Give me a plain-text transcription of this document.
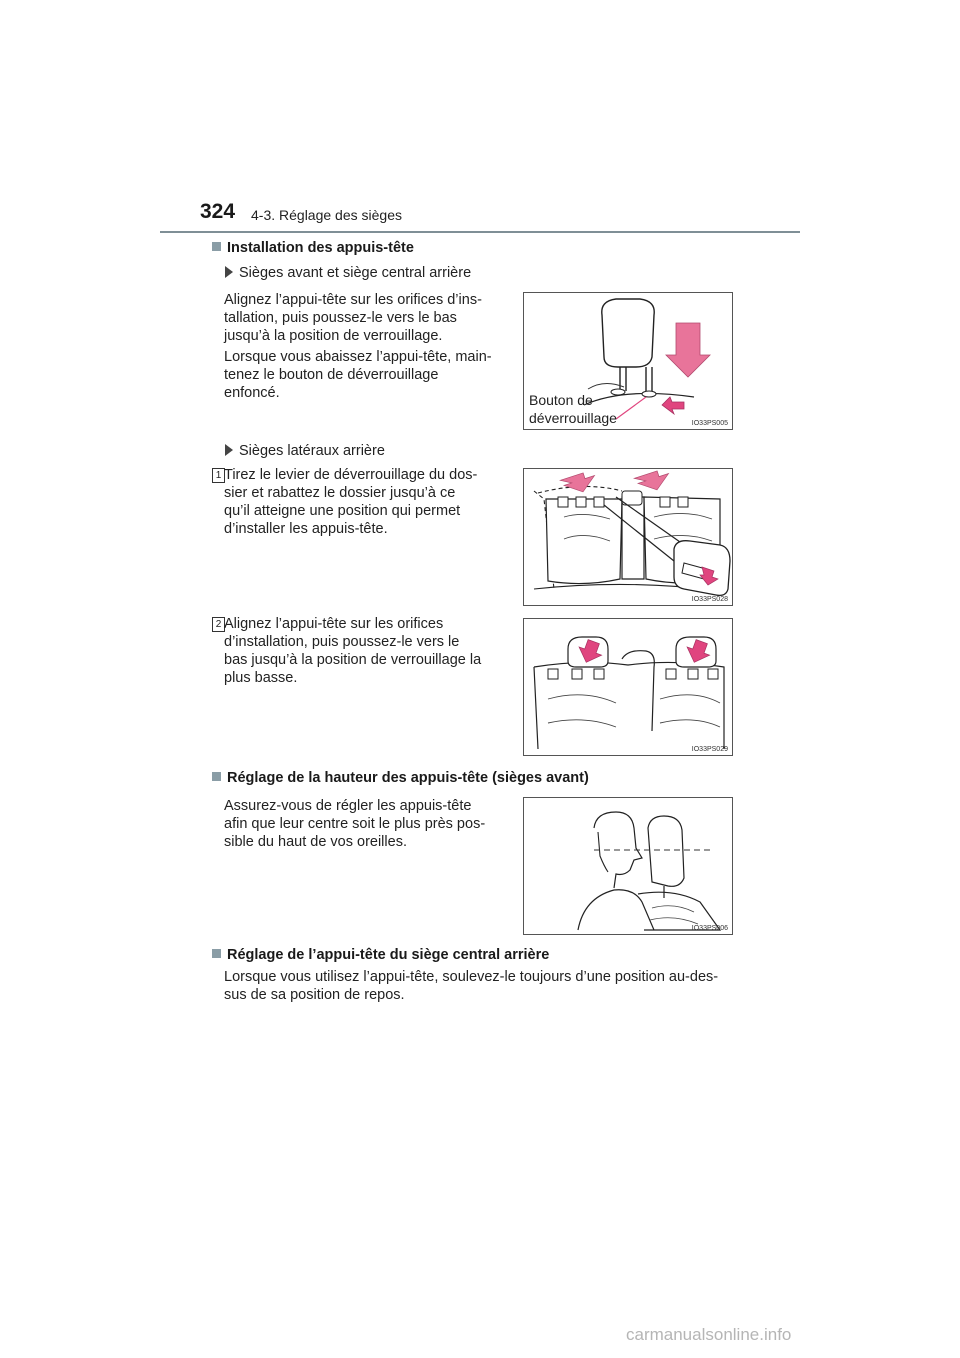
324 4-3. Réglage des sièges
Installation des appuis-tête
Sièges avant et siège central arrière
Alignez l’appui-tête sur les orifices d’ins-
tallation, puis poussez-le vers le bas
jusqu’à la position de verrouillage.
Lorsque vous abaissez l’appui-tête, main-
tenez le bouton de déverrouillage
enfoncé.	Bouton de
déverrouillage	IO33PS005
Sièges latéraux arrière
1 Tirez le levier de déverrouillage du dos-
sier et rabattez le dossier jusqu’à ce
qu’il atteigne une position qui permet
d’installer les appuis-tête.
IO33PS028
2 Alignez l’appui-tête sur les orifices
d’installation, puis poussez-le vers le
bas jusqu’à la position de verrouillage la
plus basse.
IO33PS029
Réglage de la hauteur des appuis-tête (sièges avant)
Assurez-vous de régler les appuis-tête
afin que leur centre soit le plus près pos-
sible du haut de vos oreilles.
IO33PS006
Réglage de l’appui-tête du siège central arrière
Lorsque vous utilisez l’appui-tête, soulevez-le toujours d’une position au-des-
sus de sa position de repos.
carmanualsonline.info
